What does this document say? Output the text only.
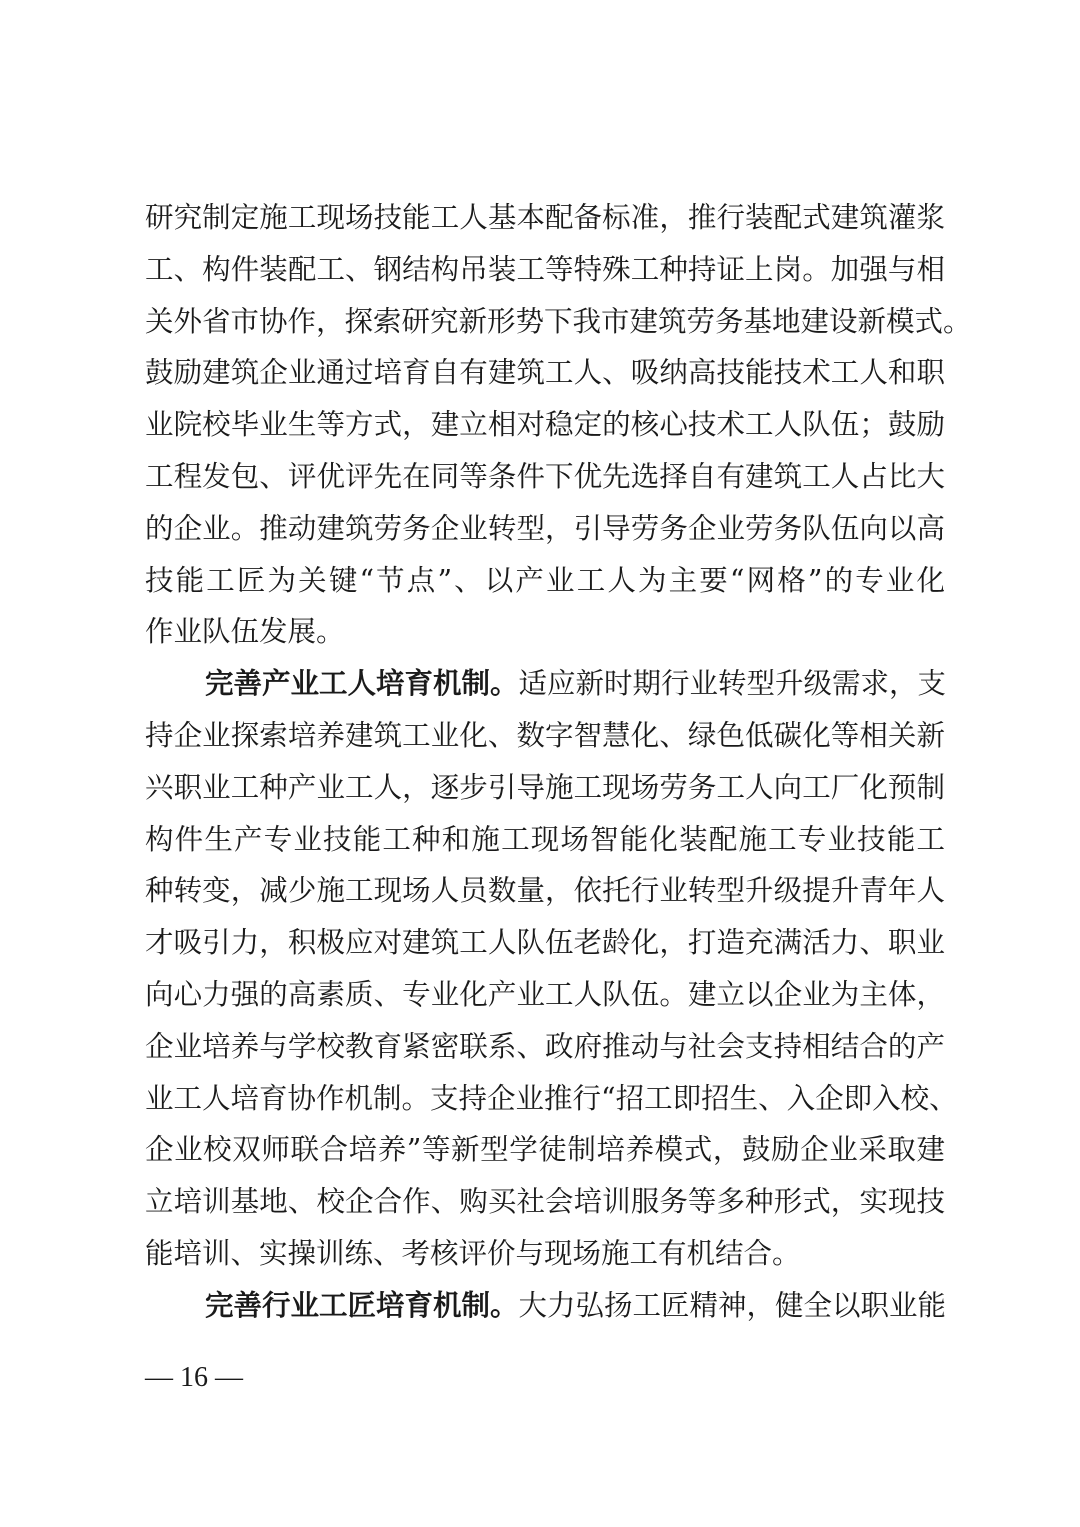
研究制定施工现场技能工人基本配备标准，推行装配式建筑灌浆
工、构件装配工、钢结构吊装工等特殊工种持证上岗。加强与相
关外省市协作，探索研究新形势下我市建筑劳务基地建设新模式。
鼓励建筑企业通过培育自有建筑工人、吸纳高技能技术工人和职
业院校毕业生等方式，建立相对稳定的核心技术工人队伍；鼓励
工程发包、评优评先在同等条件下优先选择自有建筑工人占比大
的企业。推动建筑劳务企业转型，引导劳务企业劳务队伍向以高
技能工匠为关键“节点”、以产业工人为主要“网格”的专业化
作业队伍发展。
完善产业工人培育机制。适应新时期行业转型升级需求，支
持企业探索培养建筑工业化、数字智慧化、绿色低碳化等相关新
兴职业工种产业工人，逐步引导施工现场劳务工人向工厂化预制
构件生产专业技能工种和施工现场智能化装配施工专业技能工
种转变，减少施工现场人员数量，依托行业转型升级提升青年人
才吸引力，积极应对建筑工人队伍老龄化，打造充满活力、职业
向心力强的高素质、专业化产业工人队伍。建立以企业为主体，
企业培养与学校教育紧密联系、政府推动与社会支持相结合的产
业工人培育协作机制。支持企业推行“招工即招生、入企即入校、
企业校双师联合培养”等新型学徒制培养模式，鼓励企业采取建
立培训基地、校企合作、购买社会培训服务等多种形式，实现技
能培训、实操训练、考核评价与现场施工有机结合。
完善行业工匠培育机制。大力弘扬工匠精神，健全以职业能
— 16 —
